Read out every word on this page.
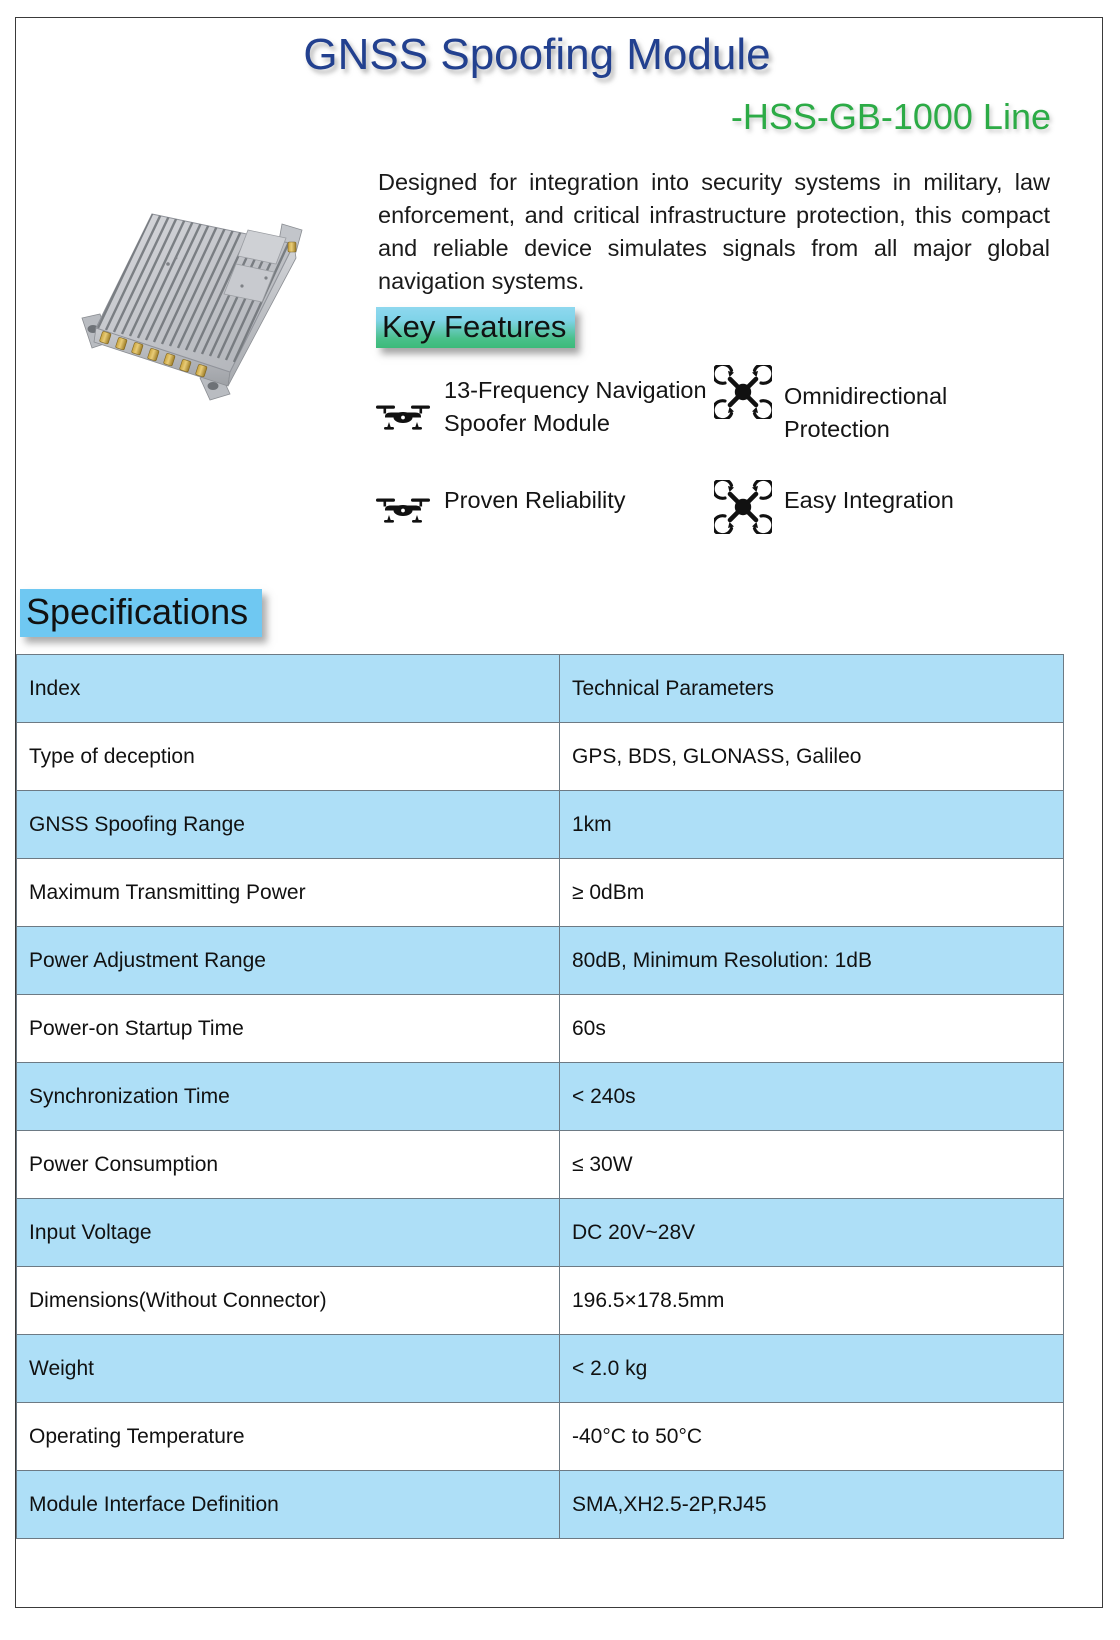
GNSS Spoofing Module
-HSS-GB-1000 Line

Designed for integration into security systems in military, law enforcement, and critical infrastructure protection, this compact and reliable device simulates signals from all major global navigation systems.

Key Features
13-Frequency Navigation Spoofer Module
Omnidirectional Protection
Proven Reliability	Easy Integration
Specifications
Index	Technical Parameters
Type of deception	GPS, BDS, GLONASS, Galileo
GNSS Spoofing Range	1km
Maximum Transmitting Power	≥ 0dBm
Power Adjustment Range	80dB, Minimum Resolution: 1dB
Power-on Startup Time	60s
Synchronization Time	< 240s
Power Consumption	≤ 30W
Input Voltage	DC 20V~28V
Dimensions(Without Connector)	196.5×178.5mm
Weight	< 2.0 kg
Operating Temperature	-40°C to 50°C
Module Interface Definition	SMA,XH2.5-2P,RJ45
